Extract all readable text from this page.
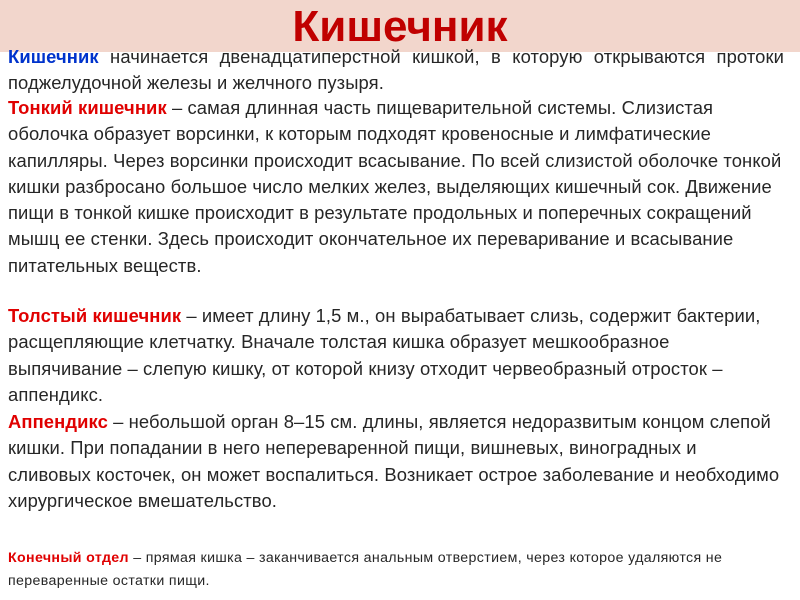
Кишечник

Кишечник начинается двенадцатиперстной кишкой, в которую открываются протоки поджелудочной железы и желчного пузыря.

Тонкий кишечник – самая длинная часть пищеварительной системы. Слизистая оболочка образует ворсинки, к которым подходят кровеносные и лимфатические капилляры. Через ворсинки происходит всасывание. По всей слизистой оболочке тонкой кишки разбросано большое число мелких желез, выделяющих кишечный сок. Движение пищи в тонкой кишке происходит в результате продольных и поперечных сокращений мышц ее стенки. Здесь происходит окончательное их переваривание и всасывание питательных веществ.

Толстый кишечник – имеет длину 1,5 м., он вырабатывает слизь, содержит бактерии, расщепляющие клетчатку. Вначале толстая кишка образует мешкообразное выпячивание – слепую кишку, от которой книзу отходит червеобразный отросток – аппендикс.

Аппендикс – небольшой орган 8–15 см. длины, является недоразвитым концом слепой кишки. При попадании в него непереваренной пищи, вишневых, виноградных и сливовых косточек, он может воспалиться. Возникает острое заболевание и необходимо хирургическое вмешательство.

Конечный отдел – прямая кишка – заканчивается анальным отверстием, через которое удаляются не переваренные остатки пищи.
